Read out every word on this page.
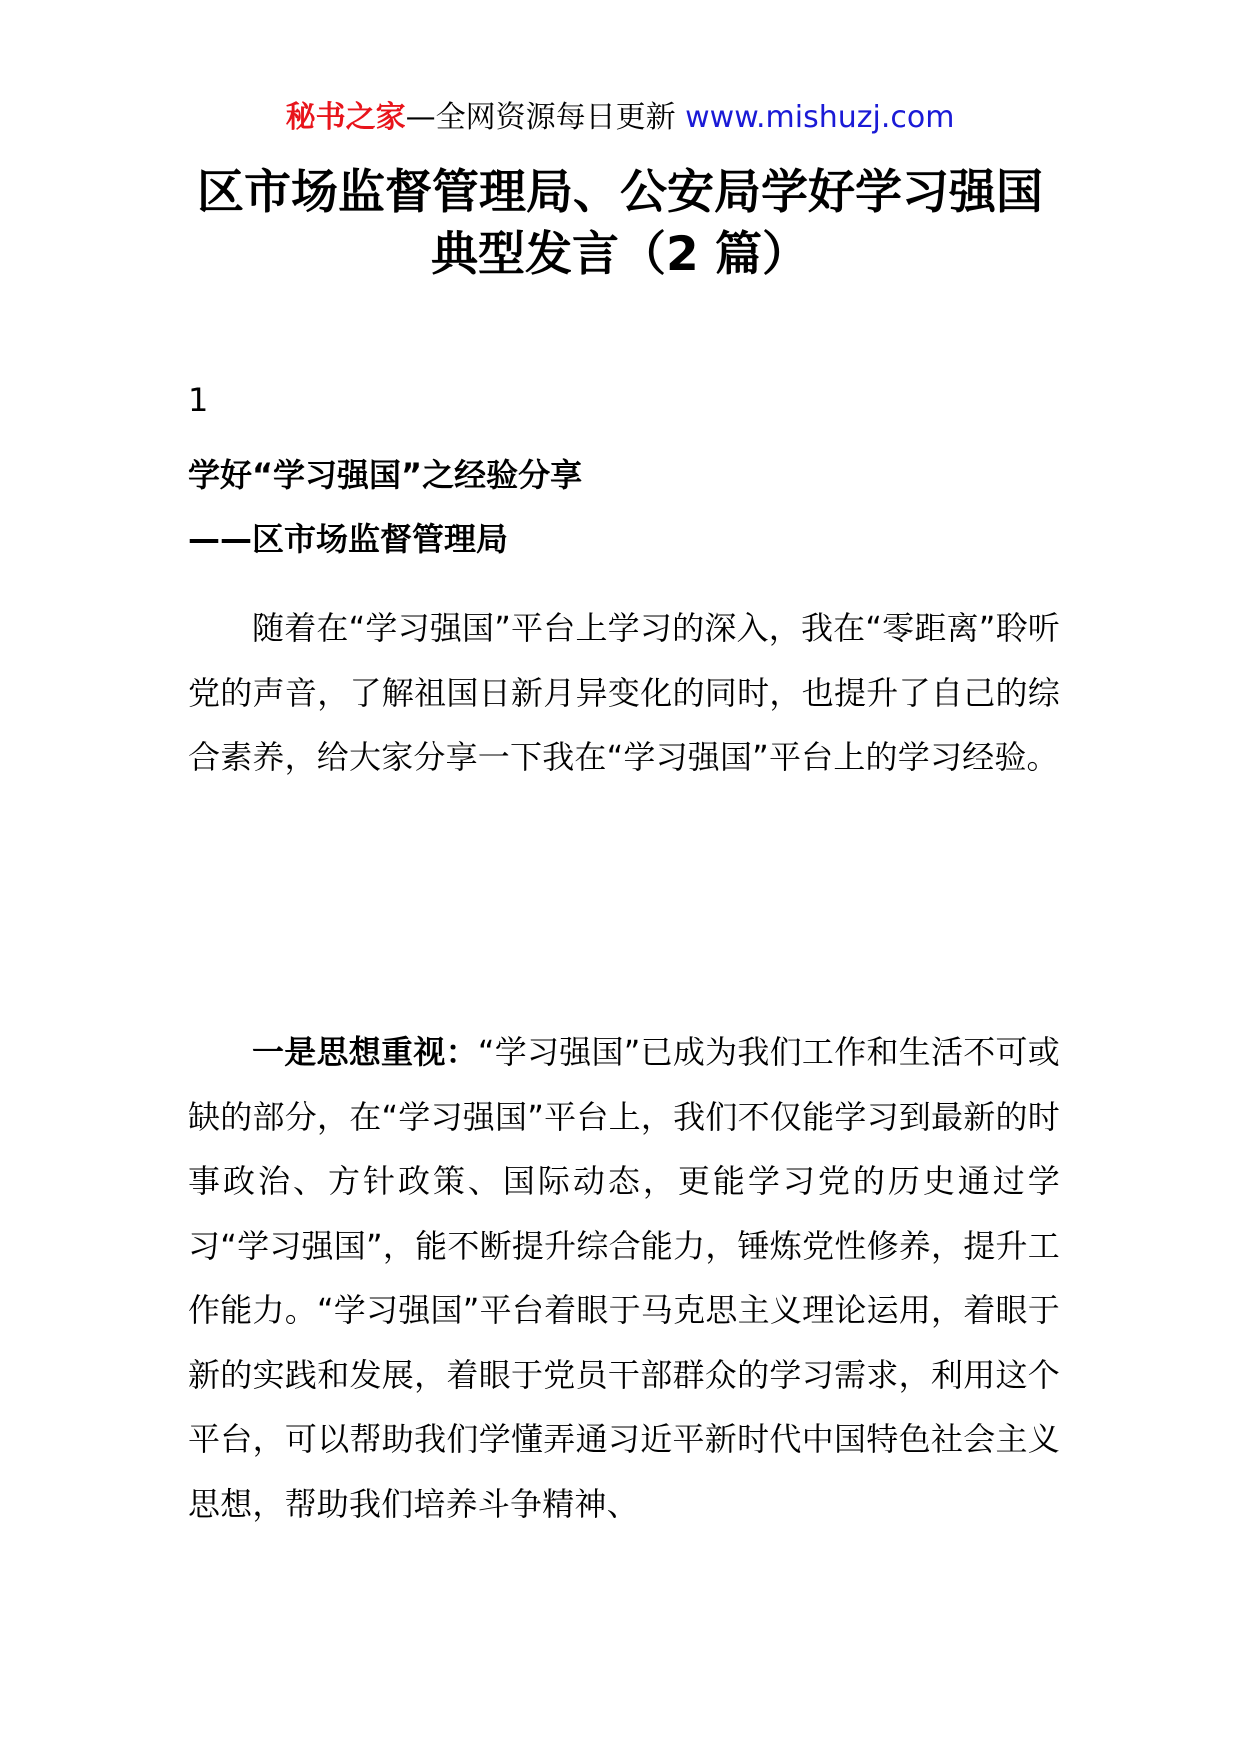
秘书之家—全网资源每日更新 www.mishuzj.com
区市场监督管理局、公安局学好学习强国
典型发言（2 篇）
1
学好“学习强国”之经验分享
——区市场监督管理局

随着在“学习强国”平台上学习的深入，我在“零距离”聆听党的声音，了解祖国日新月异变化的同时，也提升了自己的综合素养，给大家分享一下我在“学习强国”平台上的学习经验。

一是思想重视：“学习强国”已成为我们工作和生活不可或缺的部分，在“学习强国”平台上，我们不仅能学习到最新的时事政治、方针政策、国际动态，更能学习党的历史通过学习“学习强国”，能不断提升综合能力，锤炼党性修养，提升工作能力。“学习强国”平台着眼于马克思主义理论运用，着眼于新的实践和发展，着眼于党员干部群众的学习需求，利用这个平台，可以帮助我们学懂弄通习近平新时代中国特色社会主义思想，帮助我们培养斗争精神、
